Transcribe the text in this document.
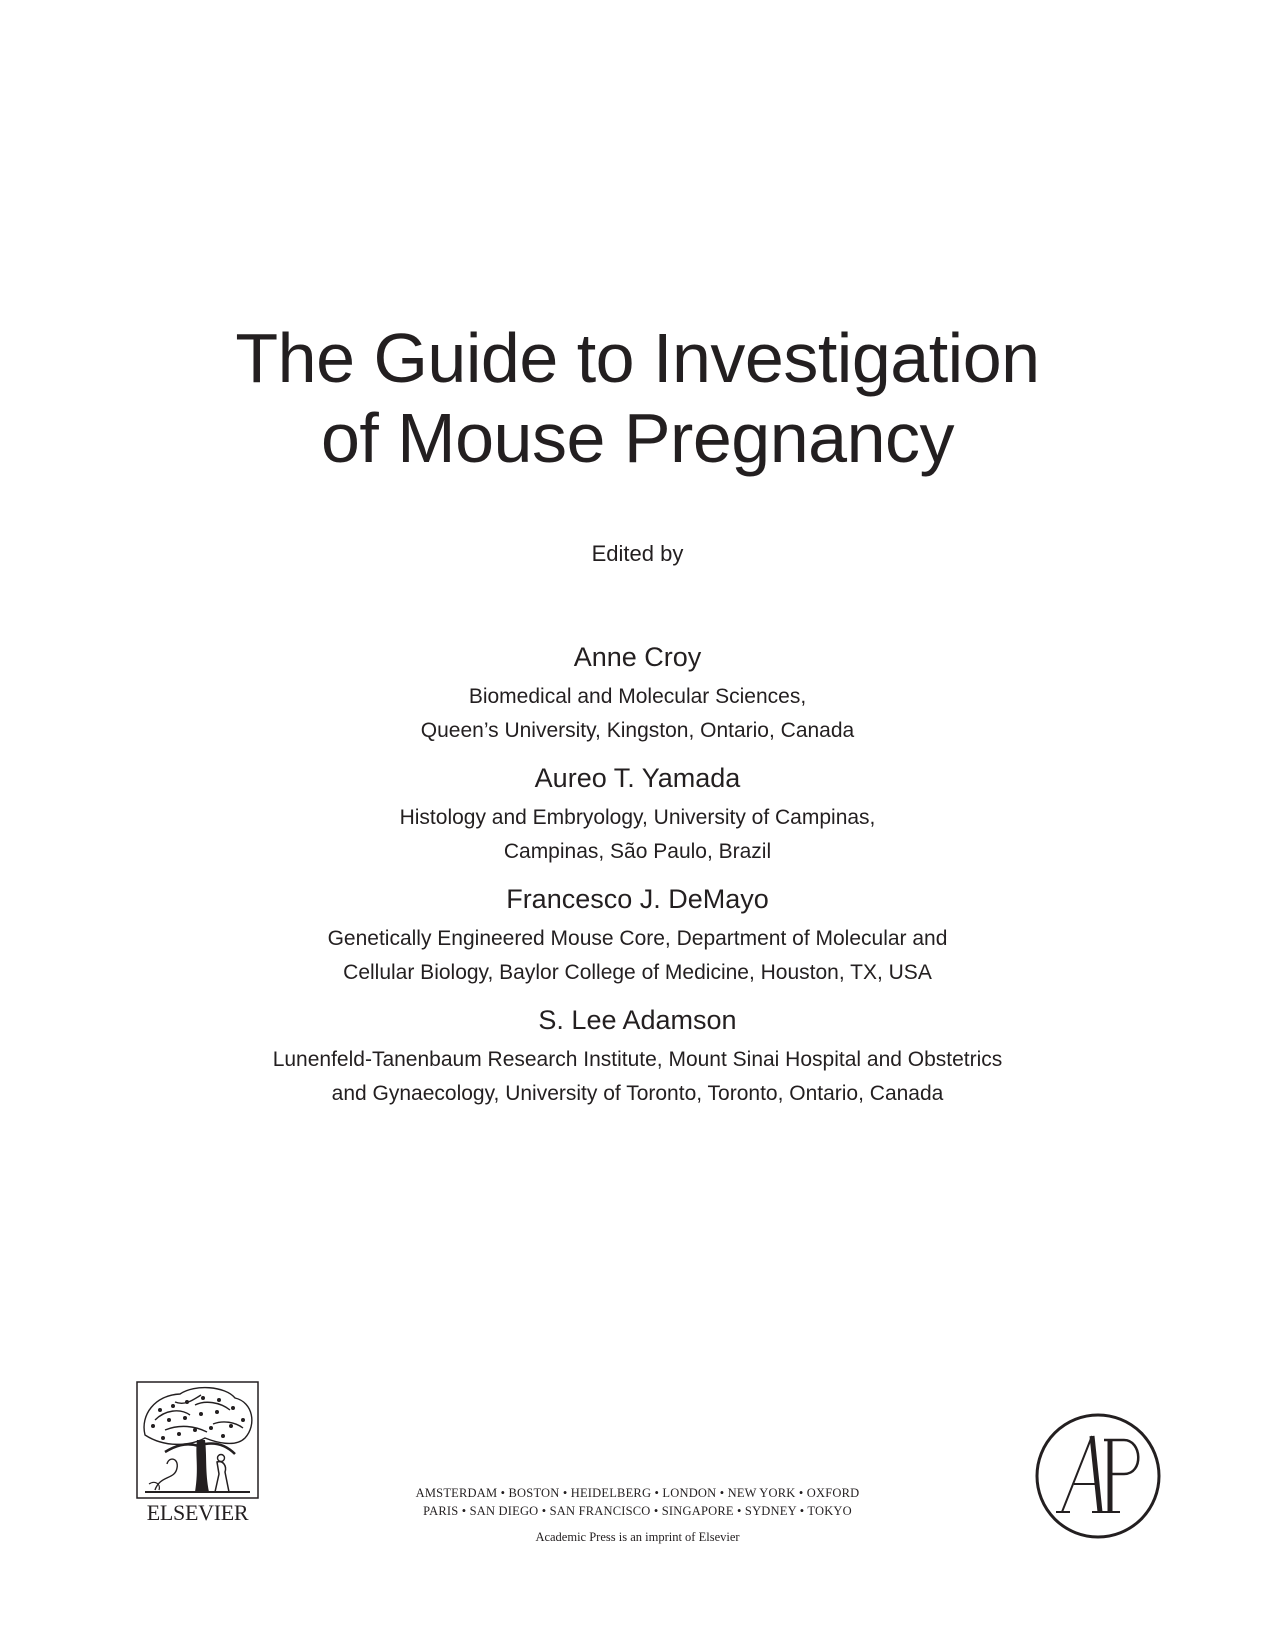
The Guide to Investigation
of Mouse Pregnancy
Edited by
Anne Croy
Biomedical and Molecular Sciences,
Queen’s University, Kingston, Ontario, Canada
Aureo T. Yamada
Histology and Embryology, University of Campinas,
Campinas, São Paulo, Brazil
Francesco J. DeMayo
Genetically Engineered Mouse Core, Department of Molecular and
Cellular Biology, Baylor College of Medicine, Houston, TX, USA
S. Lee Adamson
Lunenfeld-Tanenbaum Research Institute, Mount Sinai Hospital and Obstetrics
and Gynaecology, University of Toronto, Toronto, Ontario, Canada
ELSEVIER
AMSTERDAM • BOSTON • HEIDELBERG • LONDON • NEW YORK • OXFORD
PARIS • SAN DIEGO • SAN FRANCISCO • SINGAPORE • SYDNEY • TOKYO
Academic Press is an imprint of Elsevier
